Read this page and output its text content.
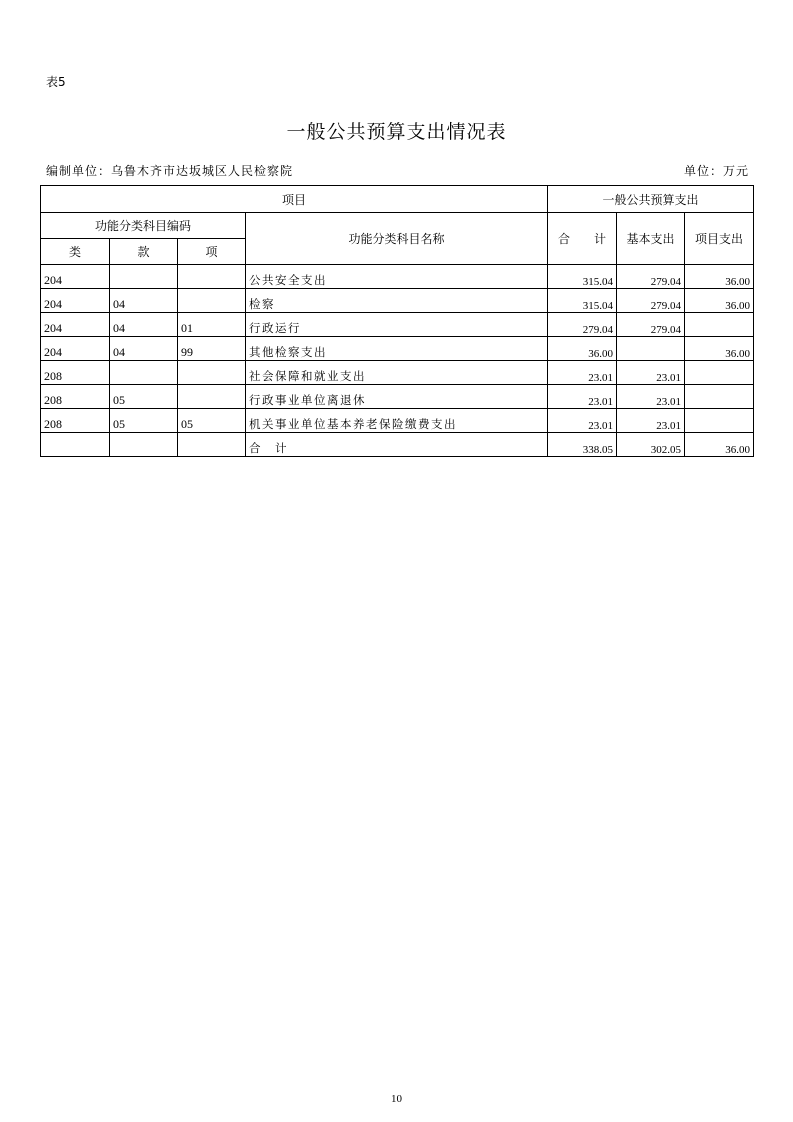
表5
一般公共预算支出情况表
编制单位：乌鲁木齐市达坂城区人民检察院	单位：万元
项目				一般公共预算支出		
功能分类科目编码			功能分类科目名称	合　　计	基本支出	项目支出
类	款	项				
204			公共安全支出	315.04	279.04	36.00
204	04		检察	315.04	279.04	36.00
204	04	01	行政运行	279.04	279.04	
204	04	99	其他检察支出	36.00		36.00
208			社会保障和就业支出	23.01	23.01	
208	05		行政事业单位离退休	23.01	23.01	
208	05	05	机关事业单位基本养老保险缴费支出	23.01	23.01	
			合　计	338.05	302.05	36.00
10
